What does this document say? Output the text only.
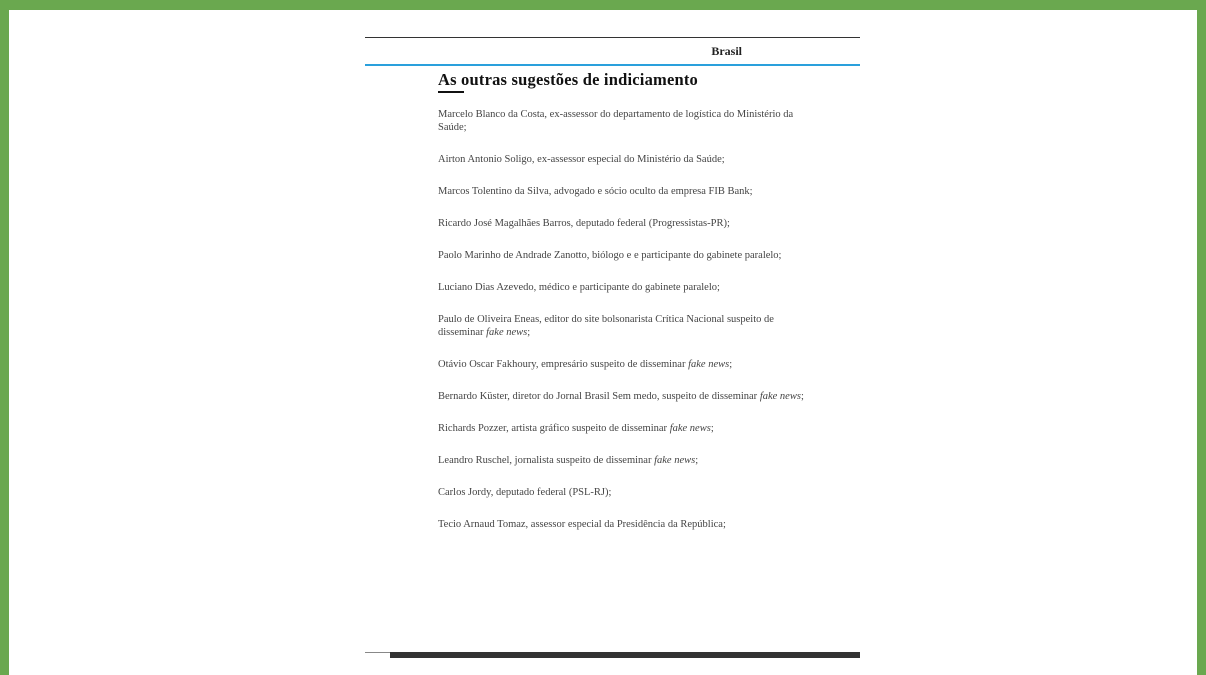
Brasil
As outras sugestões de indiciamento
Marcelo Blanco da Costa, ex-assessor do departamento de logística do Ministério da Saúde;
Airton Antonio Soligo, ex-assessor especial do Ministério da Saúde;
Marcos Tolentino da Silva, advogado e sócio oculto da empresa FIB Bank;
Ricardo José Magalhães Barros, deputado federal (Progressistas-PR);
Paolo Marinho de Andrade Zanotto, biólogo e e participante do gabinete paralelo;
Luciano Dias Azevedo, médico e participante do gabinete paralelo;
Paulo de Oliveira Eneas, editor do site bolsonarista Crítica Nacional suspeito de disseminar fake news;
Otávio Oscar Fakhoury, empresário suspeito de disseminar fake news;
Bernardo Küster, diretor do Jornal Brasil Sem medo, suspeito de disseminar fake news;
Richards Pozzer, artista gráfico suspeito de disseminar fake news;
Leandro Ruschel, jornalista suspeito de disseminar fake news;
Carlos Jordy, deputado federal (PSL-RJ);
Tecio Arnaud Tomaz, assessor especial da Presidência da República;
